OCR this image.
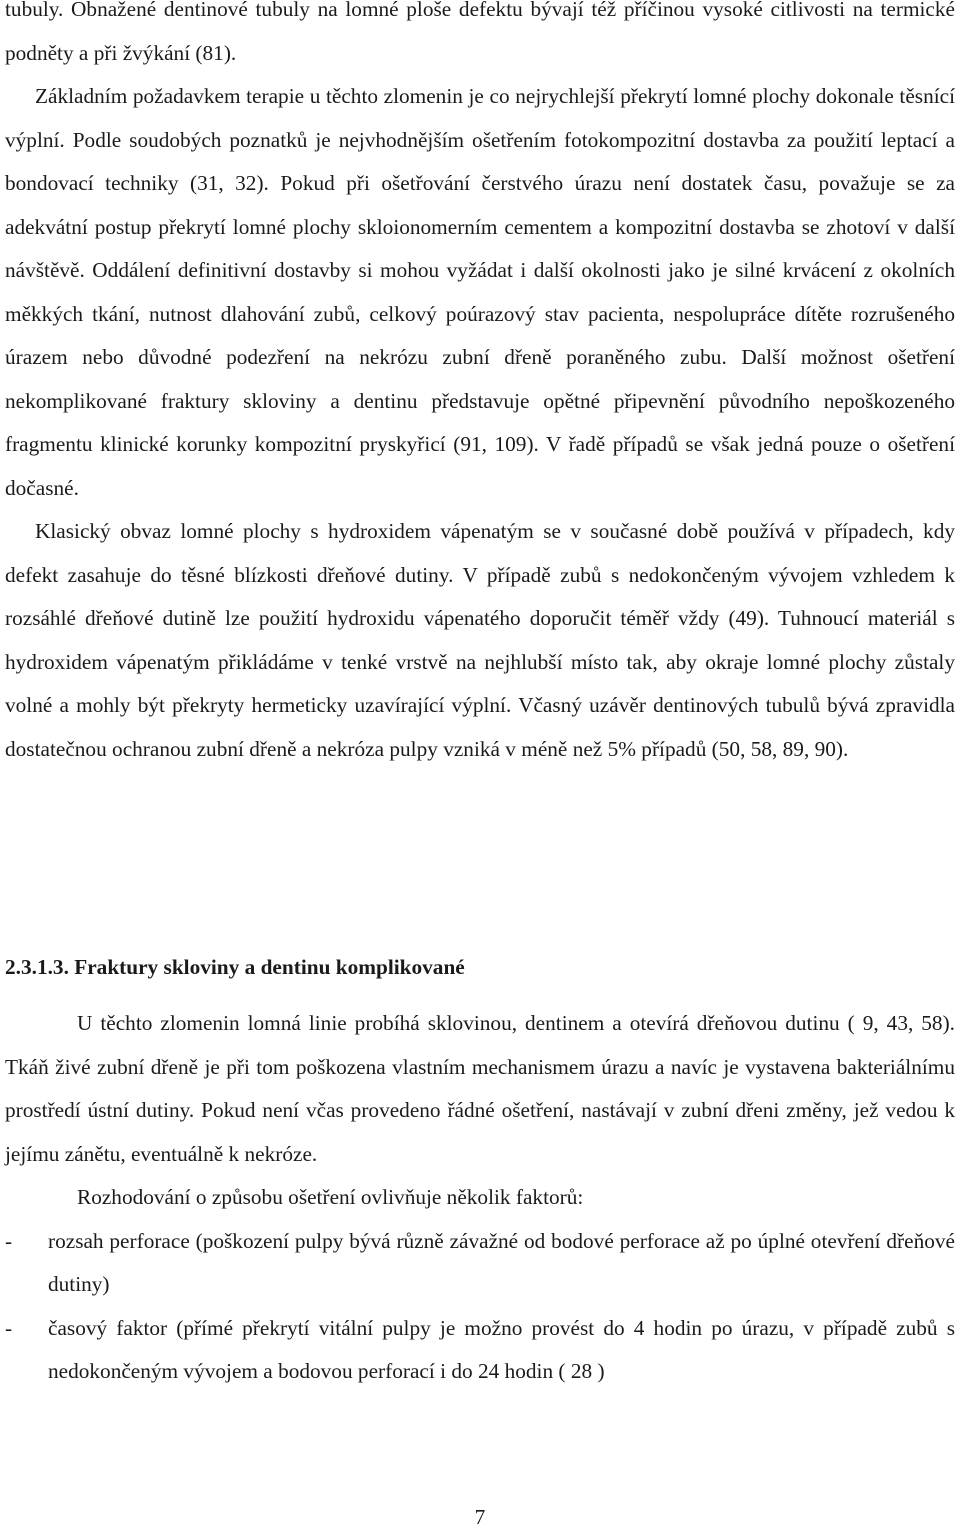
tubuly. Obnažené dentinové tubuly na lomné ploše defektu bývají též příčinou vysoké citlivosti na termické podněty a při žvýkání (81).

Základním požadavkem terapie u těchto zlomenin je co nejrychlejší překrytí lomné plochy dokonale těsnící výplní. Podle soudobých poznatků je nejvhodnějším ošetřením fotokompozitní dostavba za použití leptací a bondovací techniky (31, 32). Pokud při ošetřování čerstvého úrazu není dostatek času, považuje se za adekvátní postup překrytí lomné plochy skloionomerním cementem a kompozitní dostavba se zhotoví v další návštěvě. Oddálení definitivní dostavby si mohou vyžádat i další okolnosti jako je silné krvácení z okolních měkkých tkání, nutnost dlahování zubů, celkový poúrazový stav pacienta, nespolupráce dítěte rozrušeného úrazem nebo důvodné podezření na nekrózu zubní dřeně poraněného zubu. Další možnost ošetření nekomplikované fraktury skloviny a dentinu představuje opětné připevnění původního nepoškozeného fragmentu klinické korunky kompozitní pryskyřicí (91, 109). V řadě případů se však jedná pouze o ošetření dočasné.

Klasický obvaz lomné plochy s hydroxidem vápenatým se v současné době používá v případech, kdy defekt zasahuje do těsné blízkosti dřeňové dutiny. V případě zubů s nedokončeným vývojem vzhledem k rozsáhlé dřeňové dutině lze použití hydroxidu vápenatého doporučit téměř vždy (49). Tuhnoucí materiál s hydroxidem vápenatým přikládáme v tenké vrstvě na nejhlubší místo tak, aby okraje lomné plochy zůstaly volné a mohly být překryty hermeticky uzavírající výplní. Včasný uzávěr dentinových tubulů bývá zpravidla dostatečnou ochranou zubní dřeně a nekróza pulpy vzniká v méně než 5% případů (50, 58, 89, 90).

2.3.1.3. Fraktury skloviny a dentinu komplikované

U těchto zlomenin lomná linie probíhá sklovinou, dentinem a otevírá dřeňovou dutinu ( 9, 43, 58). Tkáň živé zubní dřeně je při tom poškozena vlastním mechanismem úrazu a navíc je vystavena bakteriálnímu prostředí ústní dutiny. Pokud není včas provedeno řádné ošetření, nastávají v zubní dřeni změny, jež vedou k jejímu zánětu, eventuálně k nekróze.

Rozhodování o způsobu ošetření ovlivňuje několik faktorů:

-	rozsah perforace (poškození pulpy bývá různě závažné od bodové perforace až po úplné otevření dřeňové dutiny)
-	časový faktor (přímé překrytí vitální pulpy je možno provést do 4 hodin po úrazu, v případě zubů s nedokončeným vývojem a bodovou perforací i do 24 hodin ( 28 )
7
